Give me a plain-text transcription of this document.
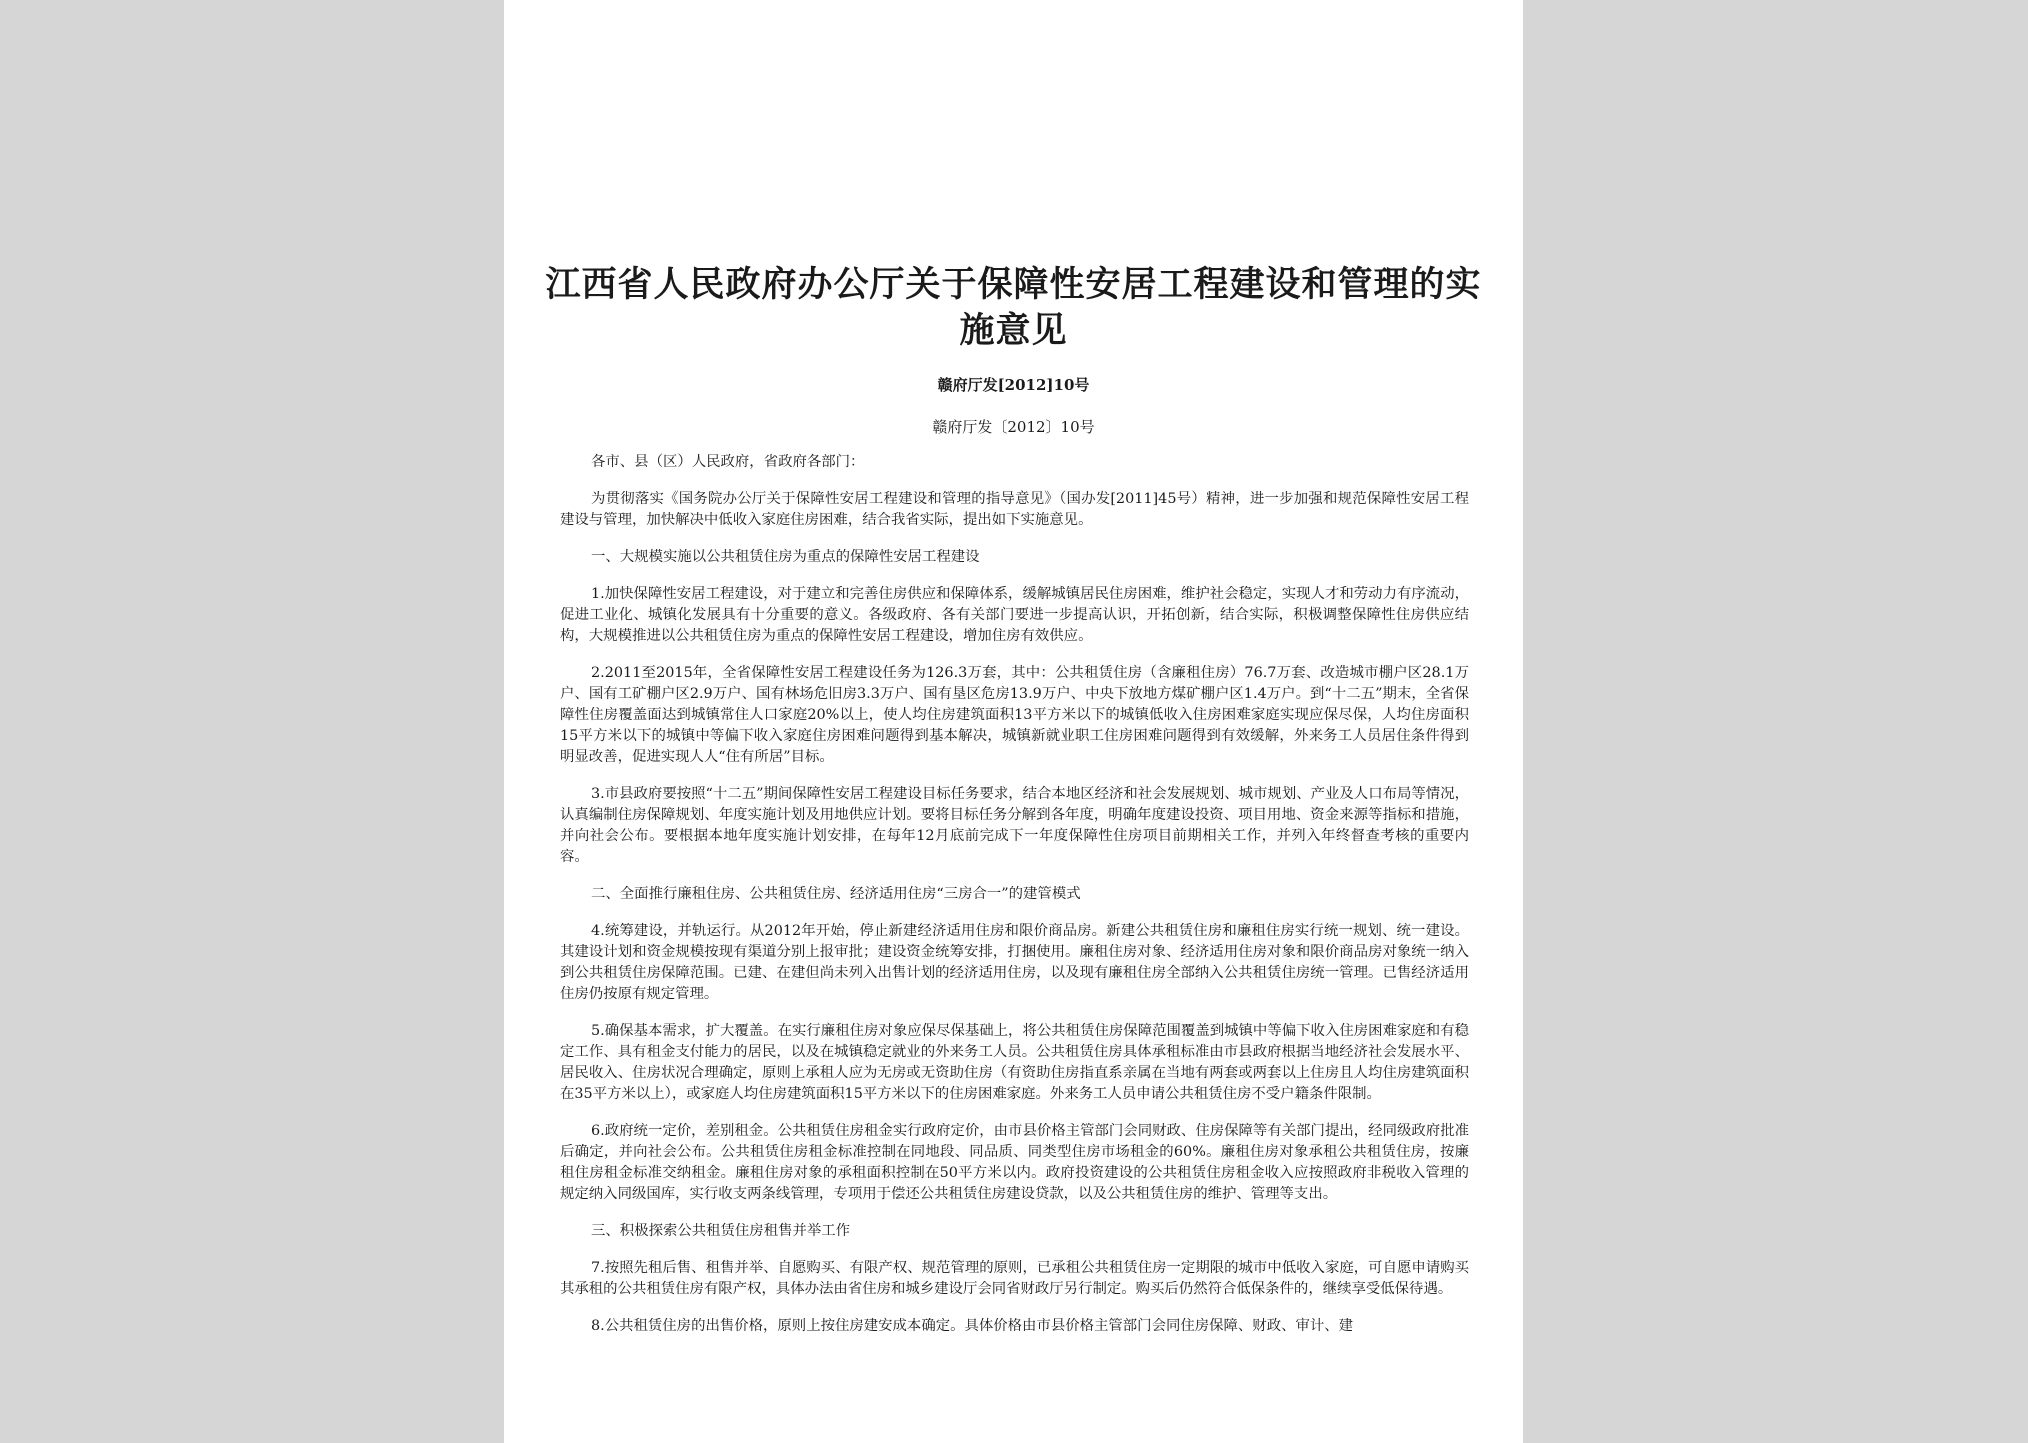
江西省人民政府办公厅关于保障性安居工程建设和管理的实施意见
赣府厅发[2012]10号
赣府厅发〔2012〕10号

各市、县（区）人民政府，省政府各部门：

为贯彻落实《国务院办公厅关于保障性安居工程建设和管理的指导意见》（国办发[2011]45号）精神，进一步加强和规范保障性安居工程建设与管理，加快解决中低收入家庭住房困难，结合我省实际，提出如下实施意见。

一、大规模实施以公共租赁住房为重点的保障性安居工程建设

1.加快保障性安居工程建设，对于建立和完善住房供应和保障体系，缓解城镇居民住房困难，维护社会稳定，实现人才和劳动力有序流动，促进工业化、城镇化发展具有十分重要的意义。各级政府、各有关部门要进一步提高认识，开拓创新，结合实际，积极调整保障性住房供应结构，大规模推进以公共租赁住房为重点的保障性安居工程建设，增加住房有效供应。

2.2011至2015年，全省保障性安居工程建设任务为126.3万套，其中：公共租赁住房（含廉租住房）76.7万套、改造城市棚户区28.1万户、国有工矿棚户区2.9万户、国有林场危旧房3.3万户、国有垦区危房13.9万户、中央下放地方煤矿棚户区1.4万户。到“十二五”期末，全省保障性住房覆盖面达到城镇常住人口家庭20%以上，使人均住房建筑面积13平方米以下的城镇低收入住房困难家庭实现应保尽保，人均住房面积15平方米以下的城镇中等偏下收入家庭住房困难问题得到基本解决，城镇新就业职工住房困难问题得到有效缓解，外来务工人员居住条件得到明显改善，促进实现人人“住有所居”目标。

3.市县政府要按照“十二五”期间保障性安居工程建设目标任务要求，结合本地区经济和社会发展规划、城市规划、产业及人口布局等情况，认真编制住房保障规划、年度实施计划及用地供应计划。要将目标任务分解到各年度，明确年度建设投资、项目用地、资金来源等指标和措施，并向社会公布。要根据本地年度实施计划安排，在每年12月底前完成下一年度保障性住房项目前期相关工作，并列入年终督查考核的重要内容。

二、全面推行廉租住房、公共租赁住房、经济适用住房“三房合一”的建管模式

4.统筹建设，并轨运行。从2012年开始，停止新建经济适用住房和限价商品房。新建公共租赁住房和廉租住房实行统一规划、统一建设。其建设计划和资金规模按现有渠道分别上报审批；建设资金统筹安排，打捆使用。廉租住房对象、经济适用住房对象和限价商品房对象统一纳入到公共租赁住房保障范围。已建、在建但尚未列入出售计划的经济适用住房，以及现有廉租住房全部纳入公共租赁住房统一管理。已售经济适用住房仍按原有规定管理。

5.确保基本需求，扩大覆盖。在实行廉租住房对象应保尽保基础上，将公共租赁住房保障范围覆盖到城镇中等偏下收入住房困难家庭和有稳定工作、具有租金支付能力的居民，以及在城镇稳定就业的外来务工人员。公共租赁住房具体承租标准由市县政府根据当地经济社会发展水平、居民收入、住房状况合理确定，原则上承租人应为无房或无资助住房（有资助住房指直系亲属在当地有两套或两套以上住房且人均住房建筑面积在35平方米以上），或家庭人均住房建筑面积15平方米以下的住房困难家庭。外来务工人员申请公共租赁住房不受户籍条件限制。

6.政府统一定价，差别租金。公共租赁住房租金实行政府定价，由市县价格主管部门会同财政、住房保障等有关部门提出，经同级政府批准后确定，并向社会公布。公共租赁住房租金标准控制在同地段、同品质、同类型住房市场租金的60%。廉租住房对象承租公共租赁住房，按廉租住房租金标准交纳租金。廉租住房对象的承租面积控制在50平方米以内。政府投资建设的公共租赁住房租金收入应按照政府非税收入管理的规定纳入同级国库，实行收支两条线管理，专项用于偿还公共租赁住房建设贷款，以及公共租赁住房的维护、管理等支出。

三、积极探索公共租赁住房租售并举工作

7.按照先租后售、租售并举、自愿购买、有限产权、规范管理的原则，已承租公共租赁住房一定期限的城市中低收入家庭，可自愿申请购买其承租的公共租赁住房有限产权，具体办法由省住房和城乡建设厅会同省财政厅另行制定。购买后仍然符合低保条件的，继续享受低保待遇。

8.公共租赁住房的出售价格，原则上按住房建安成本确定。具体价格由市县价格主管部门会同住房保障、财政、审计、建
